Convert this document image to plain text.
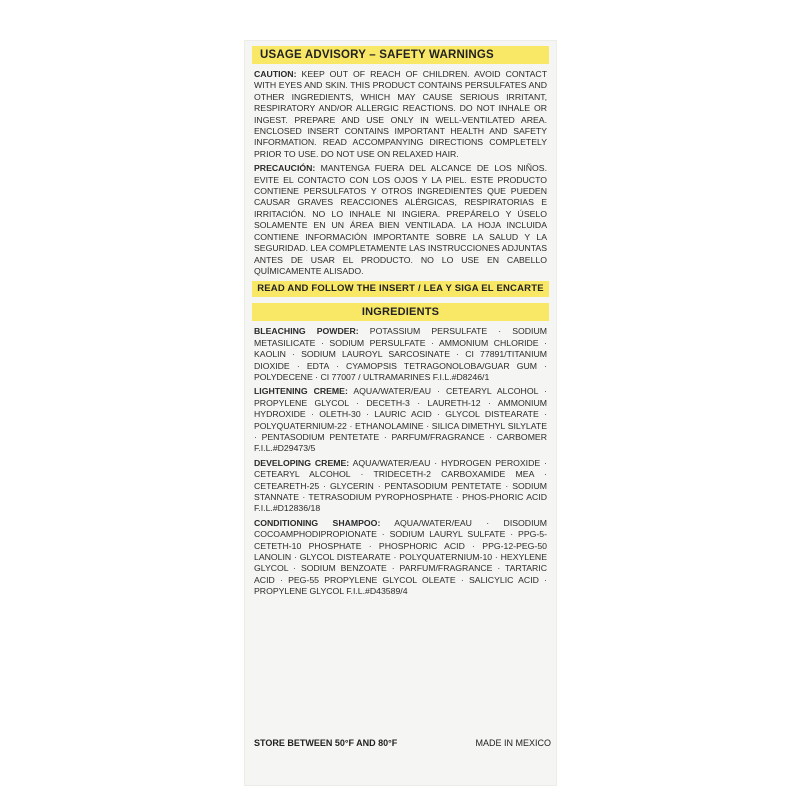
USAGE ADVISORY – SAFETY WARNINGS

CAUTION: KEEP OUT OF REACH OF CHILDREN. AVOID CONTACT WITH EYES AND SKIN. THIS PRODUCT CONTAINS PERSULFATES AND OTHER INGREDIENTS, WHICH MAY CAUSE SERIOUS IRRITANT, RESPIRATORY AND/OR ALLERGIC REACTIONS. DO NOT INHALE OR INGEST. PREPARE AND USE ONLY IN WELL-VENTILATED AREA. ENCLOSED INSERT CONTAINS IMPORTANT HEALTH AND SAFETY INFORMATION. READ ACCOMPANYING DIRECTIONS COMPLETELY PRIOR TO USE. DO NOT USE ON RELAXED HAIR.

PRECAUCIÓN: MANTENGA FUERA DEL ALCANCE DE LOS NIÑOS. EVITE EL CONTACTO CON LOS OJOS Y LA PIEL. ESTE PRODUCTO CONTIENE PERSULFATOS Y OTROS INGREDIENTES QUE PUEDEN CAUSAR GRAVES REACCIONES ALÉRGICAS, RESPIRATORIAS E IRRITACIÓN. NO LO INHALE NI INGIERA. PREPÁRELO Y ÚSELO SOLAMENTE EN UN ÁREA BIEN VENTILADA. LA HOJA INCLUIDA CONTIENE INFORMACIÓN IMPORTANTE SOBRE LA SALUD Y LA SEGURIDAD. LEA COMPLETAMENTE LAS INSTRUCCIONES ADJUNTAS ANTES DE USAR EL PRODUCTO. NO LO USE EN CABELLO QUÍMICAMENTE ALISADO.

READ AND FOLLOW THE INSERT / LEA Y SIGA EL ENCARTE
INGREDIENTS

BLEACHING POWDER: POTASSIUM PERSULFATE · SODIUM METASILICATE · SODIUM PERSULFATE · AMMONIUM CHLORIDE · KAOLIN · SODIUM LAUROYL SARCOSINATE · CI 77891/TITANIUM DIOXIDE · EDTA · CYAMOPSIS TETRAGONOLOBA/GUAR GUM · POLYDECENE · CI 77007 / ULTRAMARINES F.I.L.#D8246/1

LIGHTENING CREME: AQUA/WATER/EAU · CETEARYL ALCOHOL · PROPYLENE GLYCOL · DECETH-3 · LAURETH-12 · AMMONIUM HYDROXIDE · OLETH-30 · LAURIC ACID · GLYCOL DISTEARATE · POLYQUATERNIUM-22 · ETHANOLAMINE · SILICA DIMETHYL SILYLATE · PENTASODIUM PENTETATE · PARFUM/FRAGRANCE · CARBOMER F.I.L.#D29473/5

DEVELOPING CREME: AQUA/WATER/EAU · HYDROGEN PEROXIDE · CETEARYL ALCOHOL · TRIDECETH-2 CARBOXAMIDE MEA · CETEARETH-25 · GLYCERIN · PENTASODIUM PENTETATE · SODIUM STANNATE · TETRASODIUM PYROPHOSPHATE · PHOS-PHORIC ACID F.I.L.#D12836/18

CONDITIONING SHAMPOO: AQUA/WATER/EAU · DISODIUM COCOAMPHODIPROPIONATE · SODIUM LAURYL SULFATE · PPG-5-CETETH-10 PHOSPHATE · PHOSPHORIC ACID · PPG-12-PEG-50 LANOLIN · GLYCOL DISTEARATE · POLYQUATERNIUM-10 · HEXYLENE GLYCOL · SODIUM BENZOATE · PARFUM/FRAGRANCE · TARTARIC ACID · PEG-55 PROPYLENE GLYCOL OLEATE · SALICYLIC ACID · PROPYLENE GLYCOL F.I.L.#D43589/4

STORE BETWEEN 50°F AND 80°F	MADE IN MEXICO
